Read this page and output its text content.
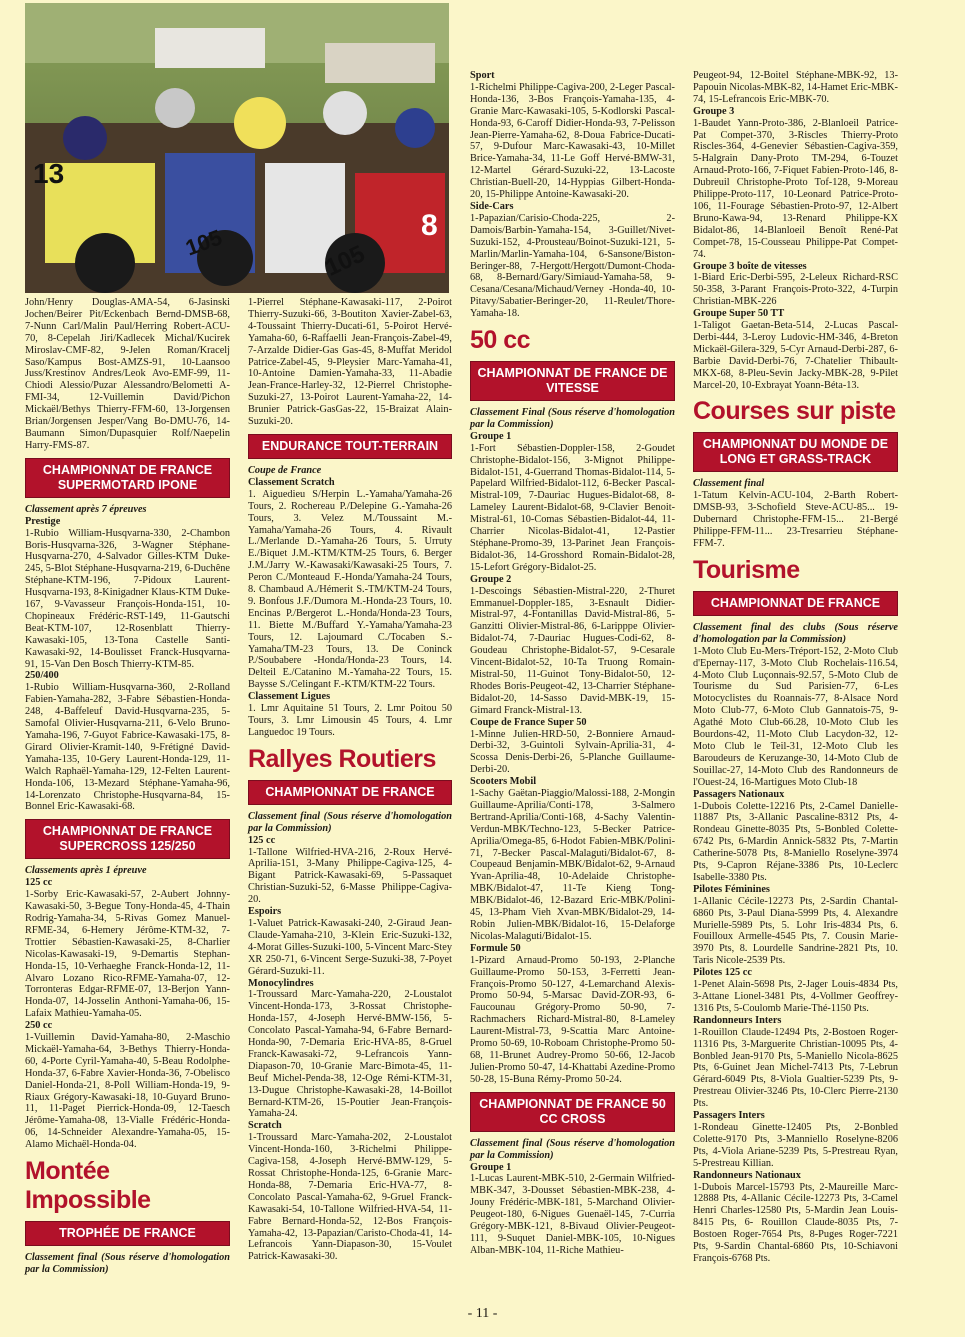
13
105	105
8

John/Henry Douglas-AMA-54, 6-Jasinski Jochen/Beirer Pit/Eckenbach Bernd-DMSB-68, 7-Nunn Carl/Malin Paul/Herring Robert-ACU-70, 8-Cepelah Jiri/Kadlecek Michal/Kucirek Miroslav-CMF-82, 9-Jelen Roman/Kracelj Saso/Kampus Bost-AMZS-91, 10-Laansoo Juss/Krestinov Andres/Leok Avo-EMF-99, 11-Chiodi Alessio/Puzar Alessandro/Belometti A-FMI-34, 12-Vuillemin David/Pichon Mickaël/Bethys Thierry-FFM-60, 13-Jorgensen Brian/Jorgensen Jesper/Vang Bo-DMU-76, 14-Baumann Simon/Dupasquier Rolf/Naepelin Harry-FMS-87.

CHAMPIONNAT DE FRANCE SUPERMOTARD IPONE

Classement après 7 épreuves

Prestige

1-Rubio William-Husqvarna-330, 2-Chambon Boris-Husqvarna-326, 3-Wagner Stéphane-Husqvarna-270, 4-Salvador Gilles-KTM Duke-245, 5-Blot Stéphane-Husqvarna-219, 6-Duchêne Stéphane-KTM-196, 7-Pidoux Laurent-Husqvarna-193, 8-Kinigadner Klaus-KTM Duke-167, 9-Vavasseur François-Honda-151, 10-Chopineaux Frédéric-RST-149, 11-Gautschi Beat-KTM-107, 12-Rosenblatt Thierry-Kawasaki-105, 13-Tona Castelle Santi-Kawasaki-92, 14-Boulisset Franck-Husqvarna-91, 15-Van Den Bosch Thierry-KTM-85.

250/400

1-Rubio William-Husqvarna-360, 2-Rolland Fabien-Yamaha-282, 3-Fabre Sébastien-Honda-248, 4-Baffeleuf David-Husqvarna-235, 5-Samofal Olivier-Husqvarna-211, 6-Velo Bruno-Yamaha-196, 7-Guyot Fabrice-Kawasaki-175, 8-Girard Olivier-Kramit-140, 9-Frétigné David-Yamaha-135, 10-Gery Laurent-Honda-129, 11-Walch Raphaël-Yamaha-129, 12-Felten Laurent-Honda-106, 13-Mezard Stéphane-Yamaha-96, 14-Lorenzato Christophe-Husqvarna-84, 15-Bonnel Eric-Kawasaki-68.

CHAMPIONNAT DE FRANCE SUPERCROSS 125/250

Classements après 1 épreuve

125 cc

1-Sorby Eric-Kawasaki-57, 2-Aubert Johnny-Kawasaki-50, 3-Begue Tony-Honda-45, 4-Thain Rodrig-Yamaha-34, 5-Rivas Gomez Manuel-RFME-34, 6-Hemery Jérôme-KTM-32, 7-Trottier Sébastien-Kawasaki-25, 8-Charlier Nicolas-Kawasaki-19, 9-Demartis Stephan-Honda-15, 10-Verhaeghe Franck-Honda-12, 11-Alvaro Lozano Rico-RFME-Yamaha-07, 12-Torronteras Edgar-RFME-07, 13-Berjon Yann-Honda-07, 14-Josselin Anthoni-Yamaha-06, 15-Lafaix Mathieu-Yamaha-05.

250 cc

1-Vuillemin David-Yamaha-80, 2-Maschio Mickaël-Yamaha-64, 3-Bethys Thierry-Honda-60, 4-Porte Cyril-Yamaha-40, 5-Beau Rodolphe-Honda-37, 6-Fabre Xavier-Honda-36, 7-Obelisco Daniel-Honda-21, 8-Poll William-Honda-19, 9-Riaux Grégory-Kawasaki-18, 10-Guyard Bruno-11, 11-Paget Pierrick-Honda-09, 12-Taesch Jérôme-Yamaha-08, 13-Vialle Frédéric-Honda-06, 14-Schneider Alexandre-Yamaha-05, 15-Alamo Michaël-Honda-04.

Montée Impossible
TROPHÉE DE FRANCE

Classement final (Sous réserve d'homologation par la Commission)

1-Pierrel Stéphane-Kawasaki-117, 2-Poirot Thierry-Suzuki-66, 3-Boutiton Xavier-Zabel-63, 4-Toussaint Thierry-Ducati-61, 5-Poirot Hervé-Yamaha-60, 6-Raffaelli Jean-François-Zabel-49, 7-Arzalde Didier-Gas Gas-45, 8-Muffat Meridol Patrice-Zabel-45, 9-Pleysier Marc-Yamaha-41, 10-Antoine Damien-Yamaha-33, 11-Abadie Jean-France-Harley-32, 12-Pierrel Christophe-Suzuki-27, 13-Poirot Laurent-Yamaha-22, 14-Brunier Patrick-GasGas-22, 15-Braizat Alain-Suzuki-20.

ENDURANCE TOUT-TERRAIN

Coupe de France

Classement Scratch

1. Aiguedieu S/Herpin L.-Yamaha/Yamaha-26 Tours, 2. Rochereau P./Delepine G.-Yamaha-26 Tours, 3. Velez M./Toussaint M.-Yamaha/Yamaha-26 Tours, 4. Rivault L./Merlande D.-Yamaha-26 Tours, 5. Urruty E./Biquet J.M.-KTM/KTM-25 Tours, 6. Berger J.M./Jarry W.-Kawasaki/Kawasaki-25 Tours, 7. Peron C./Monteaud F.-Honda/Yamaha-24 Tours, 8. Chambaud A./Hémerit S.-TM/KTM-24 Tours, 9. Bonfous J.F./Dumora M.-Honda-23 Tours, 10. Encinas P./Bergerot L.-Honda/Honda-23 Tours, 11. Biette M./Buffard Y.-Yamaha/Yamaha-23 Tours, 12. Lajoumard C./Tocaben S.-Yamaha/TM-23 Tours, 13. De Coninck P./Soubabere -Honda/Honda-23 Tours, 14. Delteil E./Catanino M.-Yamaha-22 Tours, 15. Baysse S./Celingant F.-KTM/KTM-22 Tours.

Classement Ligues

1. Lmr Aquitaine 51 Tours, 2. Lmr Poitou 50 Tours, 3. Lmr Limousin 45 Tours, 4. Lmr Languedoc 19 Tours.

Rallyes Routiers
CHAMPIONNAT DE FRANCE

Classement final (Sous réserve d'homologation par la Commission)

125 cc

1-Tallone Wilfried-HVA-216, 2-Roux Hervé-Aprilia-151, 3-Many Philippe-Cagiva-125, 4-Bigant Patrick-Kawasaki-69, 5-Passaquet Christian-Suzuki-52, 6-Masse Philippe-Cagiva-20.

Espoirs

1-Valuet Patrick-Kawasaki-240, 2-Giraud Jean-Claude-Yamaha-210, 3-Klein Eric-Suzuki-132, 4-Morat Gilles-Suzuki-100, 5-Vincent Marc-Stey XR 250-71, 6-Vincent Serge-Suzuki-38, 7-Poyet Gérard-Suzuki-11.

Monocylindres

1-Troussard Marc-Yamaha-220, 2-Loustalot Vincent-Honda-173, 3-Rossat Christophe-Honda-157, 4-Joseph Hervé-BMW-156, 5-Concolato Pascal-Yamaha-94, 6-Fabre Bernard-Honda-90, 7-Demaria Eric-HVA-85, 8-Gruel Franck-Kawasaki-72, 9-Lefrancois Yann-Diapason-70, 10-Granie Marc-Bimota-45, 11-Beuf Michel-Penda-38, 12-Oge Rémi-KTM-31, 13-Dugue Christophe-Kawasaki-28, 14-Boillot Bernard-KTM-26, 15-Poutier Jean-François-Yamaha-24.

Scratch

1-Troussard Marc-Yamaha-202, 2-Loustalot Vincent-Honda-160, 3-Richelmi Philippe-Cagiva-158, 4-Joseph Hervé-BMW-129, 5-Rossat Christophe-Honda-125, 6-Granie Marc-Honda-88, 7-Demaria Eric-HVA-77, 8-Concolato Pascal-Yamaha-62, 9-Gruel Franck-Kawasaki-54, 10-Tallone Wilfried-HVA-54, 11-Fabre Bernard-Honda-52, 12-Bos François-Yamaha-42, 13-Papazian/Caristo-Choda-41, 14-Lefrancois Yann-Diapason-30, 15-Voulet Patrick-Kawasaki-30.

Sport

1-Richelmi Philippe-Cagiva-200, 2-Leger Pascal-Honda-136, 3-Bos François-Yamaha-135, 4-Granie Marc-Kawasaki-105, 5-Kodlorski Pascal-Honda-93, 6-Caroff Didier-Honda-93, 7-Pelisson Jean-Pierre-Yamaha-62, 8-Doua Fabrice-Ducati-57, 9-Dufour Marc-Kawasaki-43, 10-Millet Brice-Yamaha-34, 11-Le Goff Hervé-BMW-31, 12-Martel Gérard-Suzuki-22, 13-Lacoste Christian-Buell-20, 14-Hyppias Gilbert-Honda-20, 15-Philippe Antoine-Kawasaki-20.

Side-Cars

1-Papazian/Carisio-Choda-225, 2-Damois/Barbin-Yamaha-154, 3-Guillet/Nivet-Suzuki-152, 4-Prousteau/Boinot-Suzuki-121, 5-Marlin/Marlin-Yamaha-104, 6-Sansone/Biston-Beringer-88, 7-Hergott/Hergott/Dumont-Choda-68, 8-Bernard/Gary/Simiaud-Yamaha-58, 9-Cesana/Cesana/Michaud/Verney -Honda-40, 10-Pitavy/Sabatier-Beringer-20, 11-Reulet/Thore-Yamaha-18.

50 cc
CHAMPIONNAT DE FRANCE DE VITESSE

Classement Final (Sous réserve d'homologation par la Commission)

Groupe 1

1-Fort Sébastien-Doppler-158, 2-Goudet Christophe-Bidalot-156, 3-Mignot Philippe-Bidalot-151, 4-Guerrand Thomas-Bidalot-114, 5-Papelard Wilfried-Bidalot-112, 6-Becker Pascal-Mistral-109, 7-Dauriac Hugues-Bidalot-68, 8-Lameley Laurent-Bidalot-68, 9-Clavier Benoit-Mistral-61, 10-Comas Sébastien-Bidalot-44, 11-Charrier Nicolas-Bidalot-41, 12-Pastier Stéphane-Promo-39, 13-Parinet Jean François-Bidalot-36, 14-Grosshord Romain-Bidalot-28, 15-Lefort Grégory-Bidalot-25.

Groupe 2

1-Descoings Sébastien-Mistral-220, 2-Thuret Emmanuel-Doppler-185, 3-Esnault Didier-Mistral-97, 4-Fontanillas David-Mistral-86, 5-Ganzitti Olivier-Mistral-86, 6-Laripppe Olivier-Bidalot-74, 7-Dauriac Hugues-Codi-62, 8-Goudeau Christophe-Bidalot-57, 9-Cesarale Vincent-Bidalot-52, 10-Ta Truong Romain-Mistral-50, 11-Guinot Tony-Bidalot-50, 12-Rhodes Boris-Peugeot-42, 13-Charrier Stéphane-Bidalot-20, 14-Sasso David-MBK-19, 15-Gimard Franck-Mistral-13.

Coupe de France Super 50

1-Minne Julien-HRD-50, 2-Bonniere Arnaud-Derbi-32, 3-Guintoli Sylvain-Aprilia-31, 4-Scossa Denis-Derbi-26, 5-Planche Guillaume-Derbi-20.

Scooters Mobil

1-Sachy Gaëtan-Piaggio/Malossi-188, 2-Mongin Guillaume-Aprilia/Conti-178, 3-Salmero Bertrand-Aprilia/Conti-168, 4-Sachy Valentin-Verdun-MBK/Techno-123, 5-Becker Patrice-Aprilia/Omega-85, 6-Hodot Fabien-MBK/Polini-71, 7-Becker Pascal-Malaguti/Bidalot-67, 8-Coupeaud Benjamin-MBK/Bidalot-62, 9-Arnaud Yvan-Aprilia-48, 10-Adelaide Christophe-MBK/Bidalot-47, 11-Te Kieng Tong-MBK/Bidalot-46, 12-Bazard Eric-MBK/Polini-45, 13-Pham Vieh Xvan-MBK/Bidalot-29, 14-Robin Julien-MBK/Bidalot-16, 15-Delaforge Nicolas-Malaguti/Bidalot-15.

Formule 50

1-Pizard Arnaud-Promo 50-193, 2-Planche Guillaume-Promo 50-153, 3-Ferretti Jean-François-Promo 50-127, 4-Lemarchand Alexis-Promo 50-94, 5-Marsac David-ZOR-93, 6-Faucounau Grégory-Promo 50-90, 7-Rachmachers Richard-Mistral-80, 8-Lameley Laurent-Mistral-73, 9-Scattia Marc Antoine-Promo 50-69, 10-Roboam Christophe-Promo 50-68, 11-Brunet Audrey-Promo 50-66, 12-Jacob Julien-Promo 50-47, 14-Khattabi Azedine-Promo 50-28, 15-Buna Rémy-Promo 50-24.

CHAMPIONNAT DE FRANCE 50 CC CROSS

Classement final (Sous réserve d'homologation par la Commission)

Groupe 1

1-Lucas Laurent-MBK-510, 2-Germain Wilfried-MBK-347, 3-Dousset Sébastien-MBK-238, 4-Jouny Frédéric-MBK-181, 5-Marchand Olivier-Peugeot-180, 6-Nigues Guenaël-145, 7-Curria Grégory-MBK-121, 8-Bivaud Olivier-Peugeot-111, 9-Suquet Daniel-MBK-105, 10-Nigues Alban-MBK-104, 11-Riche Mathieu-

Peugeot-94, 12-Boitel Stéphane-MBK-92, 13-Papouin Nicolas-MBK-82, 14-Hamet Eric-MBK-74, 15-Lefrancois Eric-MBK-70.

Groupe 3

1-Baudet Yann-Proto-386, 2-Blanloeil Patrice-Pat Compet-370, 3-Riscles Thierry-Proto Riscles-364, 4-Genevier Sébastien-Cagiva-359, 5-Halgrain Dany-Proto TM-294, 6-Touzet Arnaud-Proto-166, 7-Fiquet Fabien-Proto-146, 8-Dubreuil Christophe-Proto Tof-128, 9-Moreau Philippe-Proto-117, 10-Leonard Patrice-Proto-106, 11-Fourage Sébastien-Proto-97, 12-Albert Bruno-Kawa-94, 13-Renard Philippe-KX Bidalot-86, 14-Blanloeil Benoît René-Pat Compet-78, 15-Cousseau Philippe-Pat Compet-74.

Groupe 3 boîte de vitesses

1-Biard Eric-Derbi-595, 2-Leleux Richard-RSC 50-358, 3-Parant François-Proto-322, 4-Turpin Christian-MBK-226

Groupe Super 50 TT

1-Taligot Gaetan-Beta-514, 2-Lucas Pascal-Derbi-444, 3-Leroy Ludovic-HM-346, 4-Breton Mickaël-Gilera-329, 5-Cyr Arnaud-Derbi-287, 6-Barbie David-Derbi-76, 7-Chatelier Thibault-MKX-68, 8-Pleu-Sevin Jacky-MBK-28, 9-Pilet Marcel-20, 10-Exbrayat Yoann-Béta-13.

Courses sur piste
CHAMPIONNAT DU MONDE DE LONG ET GRASS-TRACK

Classement final

1-Tatum Kelvin-ACU-104, 2-Barth Robert-DMSB-93, 3-Schofield Steve-ACU-85... 19-Dubernard Christophe-FFM-15... 21-Bergé Philippe-FFM-11... 23-Tresarrieu Stéphane-FFM-7.

Tourisme
CHAMPIONNAT DE FRANCE

Classement final des clubs (Sous réserve d'homologation par la Commission)

1-Moto Club Eu-Mers-Tréport-152, 2-Moto Club d'Epernay-117, 3-Moto Club Rochelais-116.54, 4-Moto Club Luçonnais-92.57, 5-Moto Club de Tourisme du Sud Parisien-77, 6-Les Motocyclistes du Roannais-77, 8-Alsace Nord Moto Club-77, 6-Moto Club Gannatois-75, 9-Agathé Moto Club-66.28, 10-Moto Club les Bourdons-42, 11-Moto Club Lacydon-32, 12-Moto Club le Teil-31, 12-Moto Club les Baroudeurs de Keruzange-30, 14-Moto Club de Souillac-27, 14-Moto Club des Randonneurs de l'Ouest-24, 16-Martigues Moto Club-18

Passagers Nationaux

1-Dubois Colette-12216 Pts, 2-Camel Danielle-11887 Pts, 3-Allanic Pascaline-8312 Pts, 4-Rondeau Ginette-8035 Pts, 5-Bonbled Colette-6742 Pts, 6-Mardin Annick-5832 Pts, 7-Martin Catherine-5078 Pts, 8-Maniello Roselyne-3974 Pts, 9-Capron Réjane-3386 Pts, 10-Leclerc Isabelle-3380 Pts.

Pilotes Féminines

1-Allanic Cécile-12273 Pts, 2-Sardin Chantal-6860 Pts, 3-Paul Diana-5999 Pts, 4. Alexandre Murielle-5989 Pts, 5. Lohr Iris-4834 Pts, 6. Fouilloux Armelle-4545 Pts, 7. Cousin Marie-3970 Pts, 8. Lourdelle Sandrine-2821 Pts, 10. Taris Nicole-2539 Pts.

Pilotes 125 cc

1-Penet Alain-5698 Pts, 2-Jager Louis-4834 Pts, 3-Attane Lionel-3481 Pts, 4-Vollmer Geoffrey-1316 Pts, 5-Coulomb Marie-Thé-1150 Pts.

Randonneurs Inters

1-Rouillon Claude-12494 Pts, 2-Bostoen Roger-11316 Pts, 3-Marguerite Christian-10095 Pts, 4-Bonbled Jean-9170 Pts, 5-Maniello Nicola-8625 Pts, 6-Guinet Jean Michel-7413 Pts, 7-Lebrun Gérard-6049 Pts, 8-Viola Gualtier-5239 Pts, 9-Prestreau Olivier-3246 Pts, 10-Clerc Pierre-2130 Pts.

Passagers Inters

1-Rondeau Ginette-12405 Pts, 2-Bonbled Colette-9170 Pts, 3-Manniello Roselyne-8206 Pts, 4-Viola Ariane-5239 Pts, 5-Prestreau Ryan, 5-Prestreau Killian.

Randonneurs Nationaux

1-Dubois Marcel-15793 Pts, 2-Maureille Marc-12888 Pts, 4-Allanic Cécile-12273 Pts, 3-Camel Henri Charles-12580 Pts, 5-Mardin Jean Louis-8415 Pts, 6- Rouillon Claude-8035 Pts, 7-Bostoen Roger-7654 Pts, 8-Puges Roger-7221 Pts, 9-Sardin Chantal-6860 Pts, 10-Schiavoni François-6768 Pts.

- 11 -
